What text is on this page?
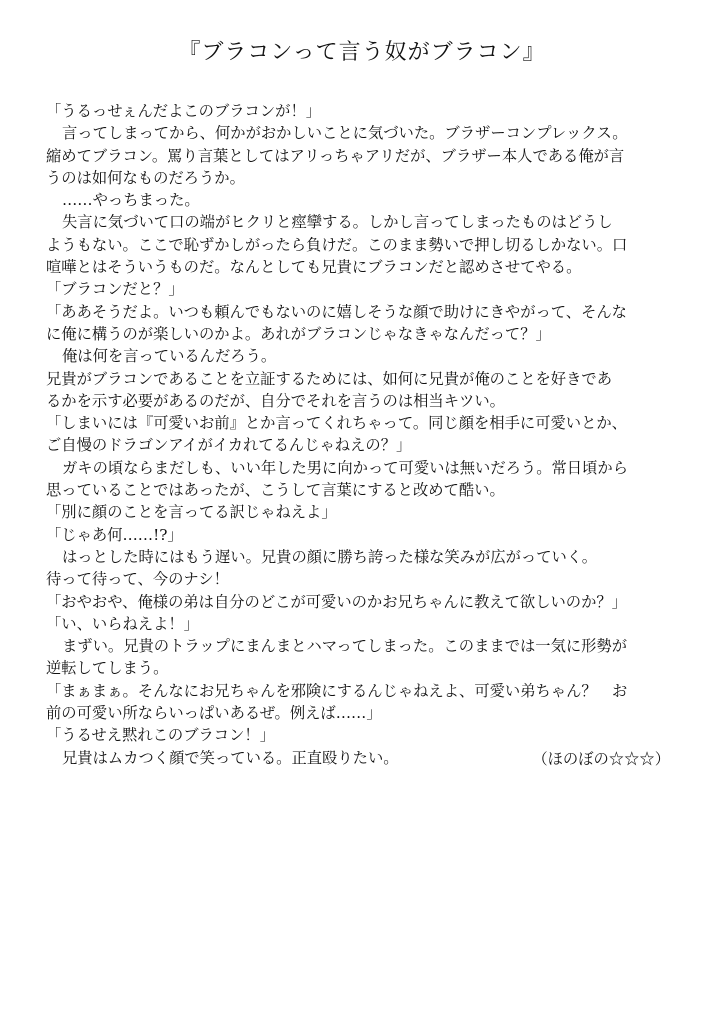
『ブラコンって言う奴がブラコン』
「うるっせぇんだよこのブラコンが！」
言ってしまってから、何かがおかしいことに気づいた。ブラザーコンプレックス。
縮めてブラコン。罵り言葉としてはアリっちゃアリだが、ブラザー本人である俺が言
うのは如何なものだろうか。
……やっちまった。
失言に気づいて口の端がヒクリと痙攣する。しかし言ってしまったものはどうし
ようもない。ここで恥ずかしがったら負けだ。このまま勢いで押し切るしかない。口
喧嘩とはそういうものだ。なんとしても兄貴にブラコンだと認めさせてやる。
「ブラコンだと？」
「ああそうだよ。いつも頼んでもないのに嬉しそうな顔で助けにきやがって、そんな
に俺に構うのが楽しいのかよ。あれがブラコンじゃなきゃなんだって？」
俺は何を言っているんだろう。
兄貴がブラコンであることを立証するためには、如何に兄貴が俺のことを好きであ
るかを示す必要があるのだが、自分でそれを言うのは相当キツい。
「しまいには『可愛いお前』とか言ってくれちゃって。同じ顔を相手に可愛いとか、
ご自慢のドラゴンアイがイカれてるんじゃねえの？」
ガキの頃ならまだしも、いい年した男に向かって可愛いは無いだろう。常日頃から
思っていることではあったが、こうして言葉にすると改めて酷い。
「別に顔のことを言ってる訳じゃねえよ」
「じゃあ何……!?」
はっとした時にはもう遅い。兄貴の顔に勝ち誇った様な笑みが広がっていく。
待って待って、今のナシ！
「おやおや、俺様の弟は自分のどこが可愛いのかお兄ちゃんに教えて欲しいのか？」
「い、いらねえよ！」
まずい。兄貴のトラップにまんまとハマってしまった。このままでは一気に形勢が
逆転してしまう。
「まぁまぁ。そんなにお兄ちゃんを邪険にするんじゃねえよ、可愛い弟ちゃん？　お
前の可愛い所ならいっぱいあるぜ。例えば……」
「うるせえ黙れこのブラコン！」
兄貴はムカつく顔で笑っている。正直殴りたい。	（ほのぼの☆☆☆）
